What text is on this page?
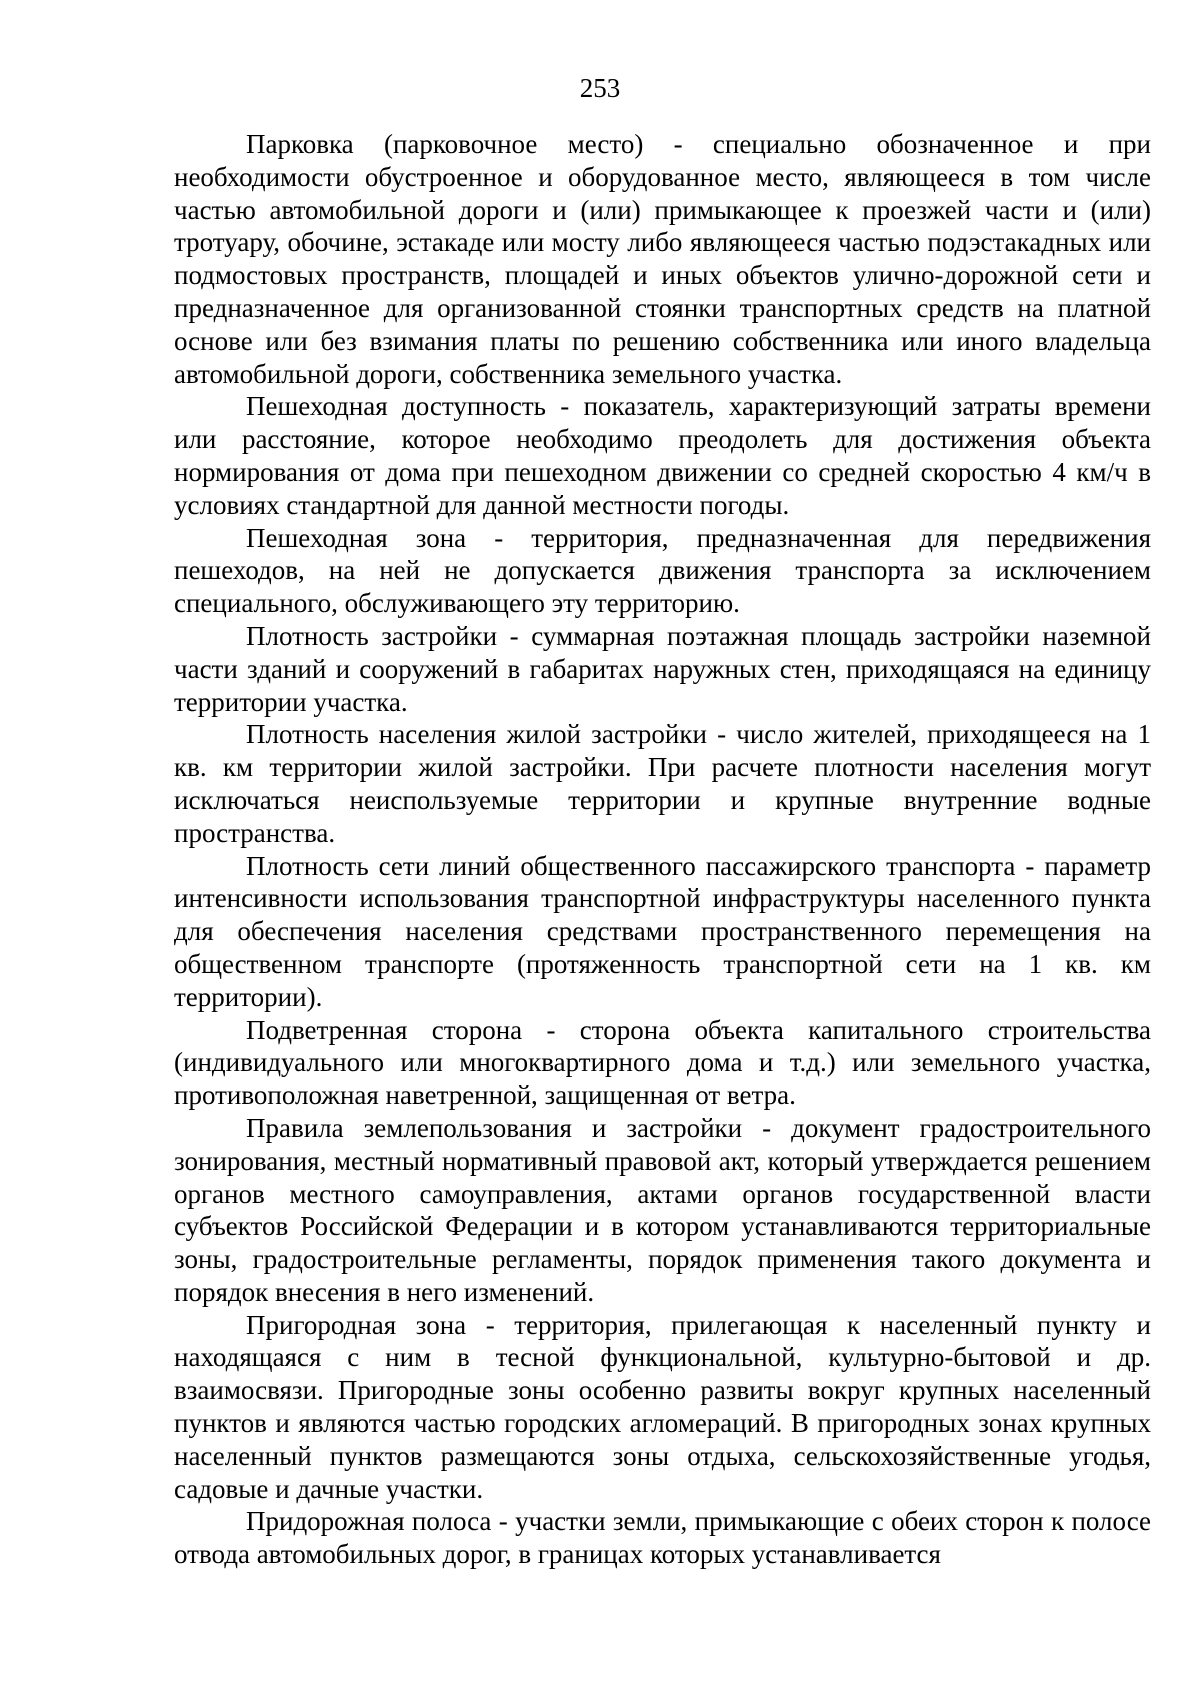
253

Парковка (парковочное место) - специально обозначенное и при необходимости обустроенное и оборудованное место, являющееся в том числе частью автомобильной дороги и (или) примыкающее к проезжей части и (или) тротуару, обочине, эстакаде или мосту либо являющееся частью подэстакадных или подмостовых пространств, площадей и иных объектов улично-дорожной сети и предназначенное для организованной стоянки транспортных средств на платной основе или без взимания платы по решению собственника или иного владельца автомобильной дороги, собственника земельного участка.

Пешеходная доступность - показатель, характеризующий затраты времени или расстояние, которое необходимо преодолеть для достижения объекта нормирования от дома при пешеходном движении со средней скоростью 4 км/ч в условиях стандартной для данной местности погоды.

Пешеходная зона - территория, предназначенная для передвижения пешеходов, на ней не допускается движения транспорта за исключением специального, обслуживающего эту территорию.

Плотность застройки - суммарная поэтажная площадь застройки наземной части зданий и сооружений в габаритах наружных стен, приходящаяся на единицу территории участка.

Плотность населения жилой застройки - число жителей, приходящееся на 1 кв. км территории жилой застройки. При расчете плотности населения могут исключаться неиспользуемые территории и крупные внутренние водные пространства.

Плотность сети линий общественного пассажирского транспорта - параметр интенсивности использования транспортной инфраструктуры населенного пункта для обеспечения населения средствами пространственного перемещения на общественном транспорте (протяженность транспортной сети на 1 кв. км территории).

Подветренная сторона - сторона объекта капитального строительства (индивидуального или многоквартирного дома и т.д.) или земельного участка, противоположная наветренной, защищенная от ветра.

Правила землепользования и застройки - документ градостроительного зонирования, местный нормативный правовой акт, который утверждается решением органов местного самоуправления, актами органов государственной власти субъектов Российской Федерации и в котором устанавливаются территориальные зоны, градостроительные регламенты, порядок применения такого документа и порядок внесения в него изменений.

Пригородная зона - территория, прилегающая к населенный пункту и находящаяся с ним в тесной функциональной, культурно-бытовой и др. взаимосвязи. Пригородные зоны особенно развиты вокруг крупных населенный пунктов и являются частью городских агломераций. В пригородных зонах крупных населенный пунктов размещаются зоны отдыха, сельскохозяйственные угодья, садовые и дачные участки.

Придорожная полоса - участки земли, примыкающие с обеих сторон к полосе отвода автомобильных дорог, в границах которых устанавливается
